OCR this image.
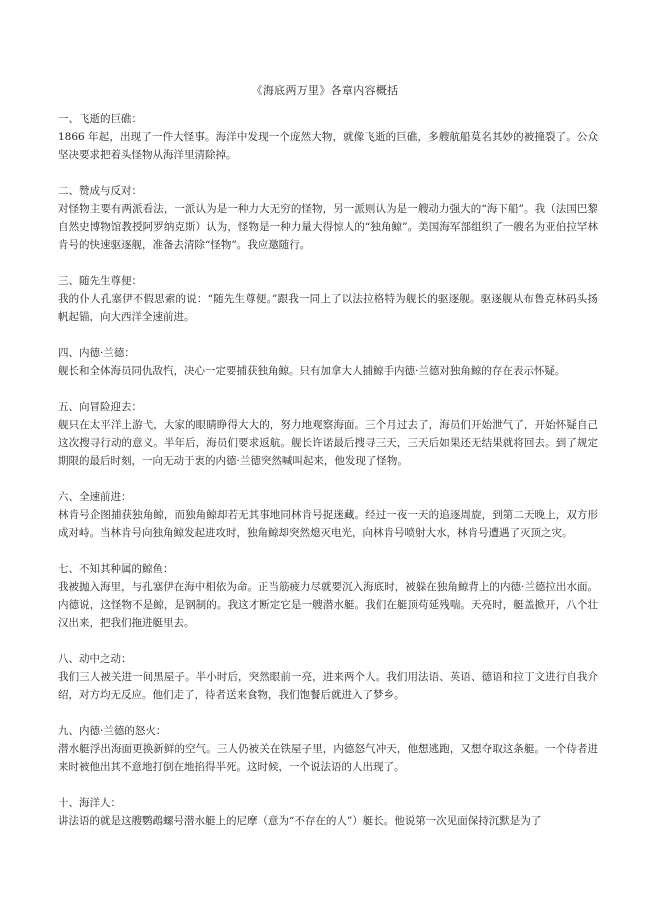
《海底两万里》各章内容概括
一、飞逝的巨礁：
1866 年起，出现了一件大怪事。海洋中发现一个庞然大物，就像飞逝的巨礁，多艘航船莫名其妙的被撞裂了。公众坚决要求把着头怪物从海洋里清除掉。
二、赞成与反对：
对怪物主要有两派看法，一派认为是一种力大无穷的怪物，另一派则认为是一艘动力强大的“海下船”。我（法国巴黎自然史博物馆教授阿罗纳克斯）认为，怪物是一种力量大得惊人的“独角鲸”。美国海军部组织了一艘名为亚伯拉罕林肯号的快速驱逐舰，准备去清除“怪物”。我应邀随行。
三、随先生尊便：
我的仆人孔塞伊不假思索的说：“随先生尊便。”跟我一同上了以法拉格特为舰长的驱逐舰。驱逐舰从布鲁克林码头扬帆起锚，向大西洋全速前进。
四、内德·兰德：
舰长和全体海员同仇敌忾，决心一定要捕获独角鲸。只有加拿大人捕鲸手内德·兰德对独角鲸的存在表示怀疑。
五、向冒险迎去：
舰只在太平洋上游弋，大家的眼睛睁得大大的，努力地观察海面。三个月过去了，海员们开始泄气了，开始怀疑自己这次搜寻行动的意义。半年后，海员们要求返航。舰长许诺最后搜寻三天，三天后如果还无结果就将回去。到了规定期限的最后时刻，一向无动于衷的内德·兰德突然喊叫起来，他发现了怪物。
六、全速前进：
林肯号企图捕获独角鲸，而独角鲸却若无其事地同林肯号捉迷藏。经过一夜一天的追逐周旋，到第二天晚上，双方形成对峙。当林肯号向独角鲸发起进攻时，独角鲸却突然熄灭电光，向林肯号喷射大水，林肯号遭遇了灭顶之灾。
七、不知其种属的鲸鱼：
我被抛入海里，与孔塞伊在海中相依为命。正当筋疲力尽就要沉入海底时，被躲在独角鲸背上的内德·兰德拉出水面。内德说，这怪物不是鲸，是钢制的。我这才断定它是一艘潜水艇。我们在艇顶苟延残喘。天亮时，艇盖掀开，八个壮汉出来，把我们拖进艇里去。
八、动中之动：
我们三人被关进一间黑屋子。半小时后，突然眼前一亮，进来两个人。我们用法语、英语、德语和拉丁文进行自我介绍，对方均无反应。他们走了，待者送来食物，我们饱餐后就进入了梦乡。
九、内德·兰德的怒火：
潜水艇浮出海面更换新鲜的空气。三人仍被关在铁屋子里，内德怒气冲天，他想逃跑，又想夺取这条艇。一个侍者进来时被他出其不意地打倒在地掐得半死。这时候，一个说法语的人出现了。
十、海洋人：
讲法语的就是这艘鹦鹉螺号潜水艇上的尼摩（意为“不存在的人”）艇长。他说第一次见面保持沉默是为了
